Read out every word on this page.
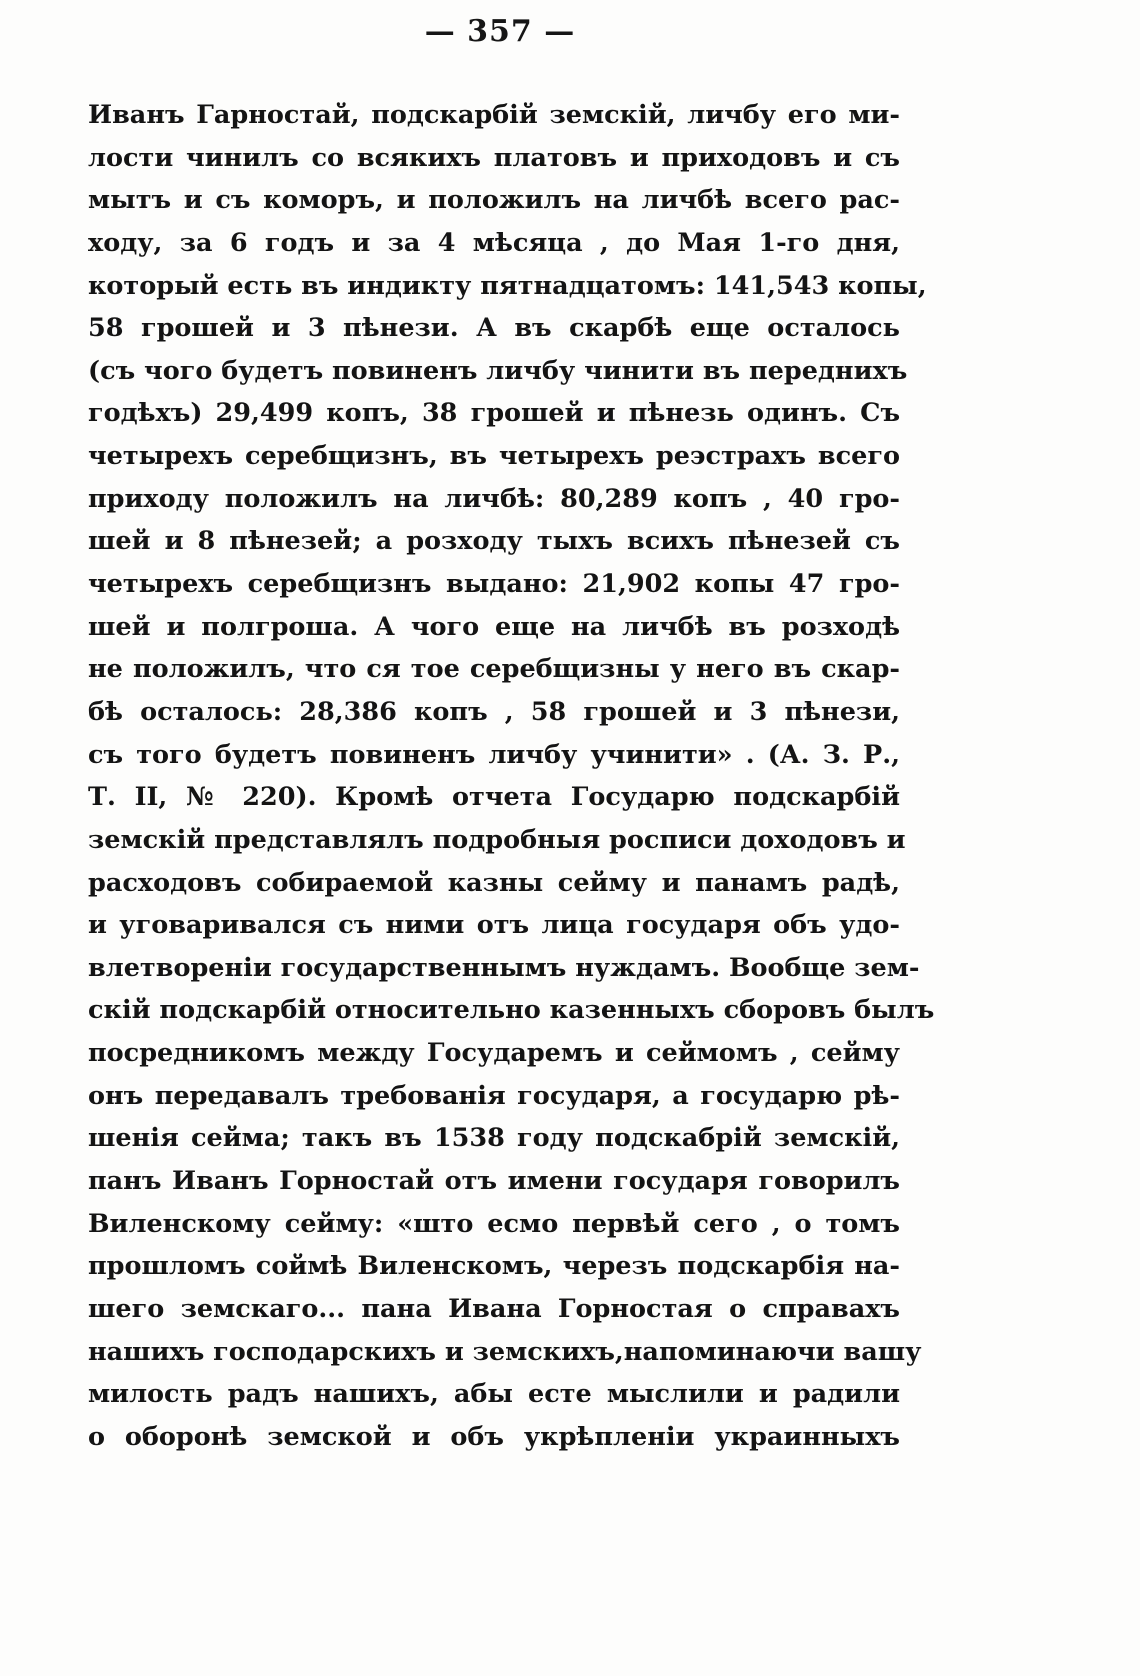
— 357 —
Иванъ Гарностай, подскарбій земскій, личбу его ми-
лости чинилъ со всякихъ платовъ и приходовъ и съ
мытъ и съ коморъ, и положилъ на личбѣ всего рас-
ходу, за 6 годъ и за 4 мѣсяца , до Мая 1-го дня,
который есть въ индикту пятнадцатомъ: 141,543 копы,
58 грошей и 3 пѣнези. А въ скарбѣ еще осталось
(съ чого будетъ повиненъ личбу чинити въ переднихъ
годѣхъ) 29,499 копъ, 38 грошей и пѣнезь одинъ. Съ
четырехъ серебщизнъ, въ четырехъ реэстрахъ всего
приходу положилъ на личбѣ: 80,289 копъ , 40 гро-
шей и 8 пѣнезей; а розходу тыхъ всихъ пѣнезей съ
четырехъ серебщизнъ выдано: 21,902 копы 47 гро-
шей и полгроша. А чого еще на личбѣ въ розходѣ
не положилъ, что ся тое серебщизны у него въ скар-
бѣ осталось: 28,386 копъ , 58 грошей и 3 пѣнези,
съ того будетъ повиненъ личбу учинити» . (А. З. Р.,
Т. II, № 220). Кромѣ отчета Государю подскарбій
земскій представлялъ подробныя росписи доходовъ и
расходовъ собираемой казны сейму и панамъ радѣ,
и уговаривался съ ними отъ лица государя объ удо-
влетвореніи государственнымъ нуждамъ. Вообще зем-
скій подскарбій относительно казенныхъ сборовъ былъ
посредникомъ между Государемъ и сеймомъ , сейму
онъ передавалъ требованія государя, а государю рѣ-
шенія сейма; такъ въ 1538 году подскабрій земскій,
панъ Иванъ Горностай отъ имени государя говорилъ
Виленскому сейму: «што есмо первѣй сего , о томъ
прошломъ соймѣ Виленскомъ, черезъ подскарбія на-
шего земскаго... пана Ивана Горностая о справахъ
нашихъ господарскихъ и земскихъ,напоминаючи вашу
милость радъ нашихъ, абы есте мыслили и радили
о оборонѣ земской и объ укрѣпленіи украинныхъ
